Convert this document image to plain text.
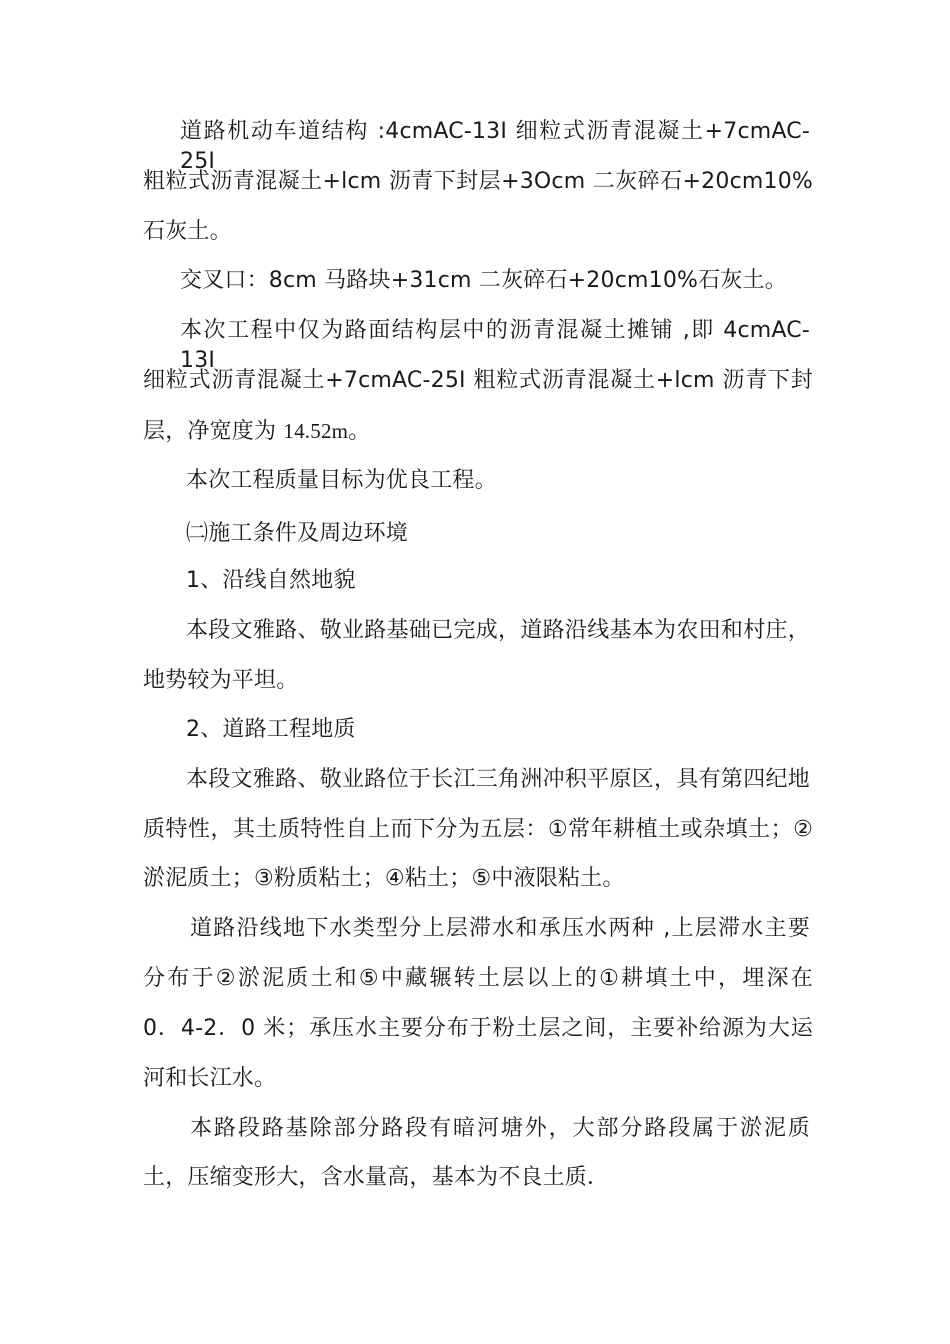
道路机动车道结构 :4cmAC-13I 细粒式沥青混凝土+7cmAC-25I
粗粒式沥青混凝土+lcm 沥青下封层+3Ocm 二灰碎石+20cm10%
石灰土。
交叉口：8cm 马路块+31cm 二灰碎石+20cm10%石灰土。
本次工程中仅为路面结构层中的沥青混凝土摊铺 ,即 4cmAC-13I
细粒式沥青混凝土+7cmAC-25I 粗粒式沥青混凝土+lcm 沥青下封
层，净宽度为 14.52m。
本次工程质量目标为优良工程。
㈡施工条件及周边环境
1、沿线自然地貌
本段文雅路、敬业路基础已完成，道路沿线基本为农田和村庄，
地势较为平坦。
2、道路工程地质
本段文雅路、敬业路位于长江三角洲冲积平原区，具有第四纪地
质特性，其土质特性自上而下分为五层：①常年耕植土或杂填土；②
淤泥质土；③粉质粘土；④粘土；⑤中液限粘土。
道路沿线地下水类型分上层滞水和承压水两种 ,上层滞水主要
分布于②淤泥质土和⑤中藏辗转土层以上的①耕填土中，埋深在
0．4-2．0 米；承压水主要分布于粉土层之间，主要补给源为大运
河和长江水。
本路段路基除部分路段有暗河塘外，大部分路段属于淤泥质
土，压缩变形大，含水量高，基本为不良土质．
